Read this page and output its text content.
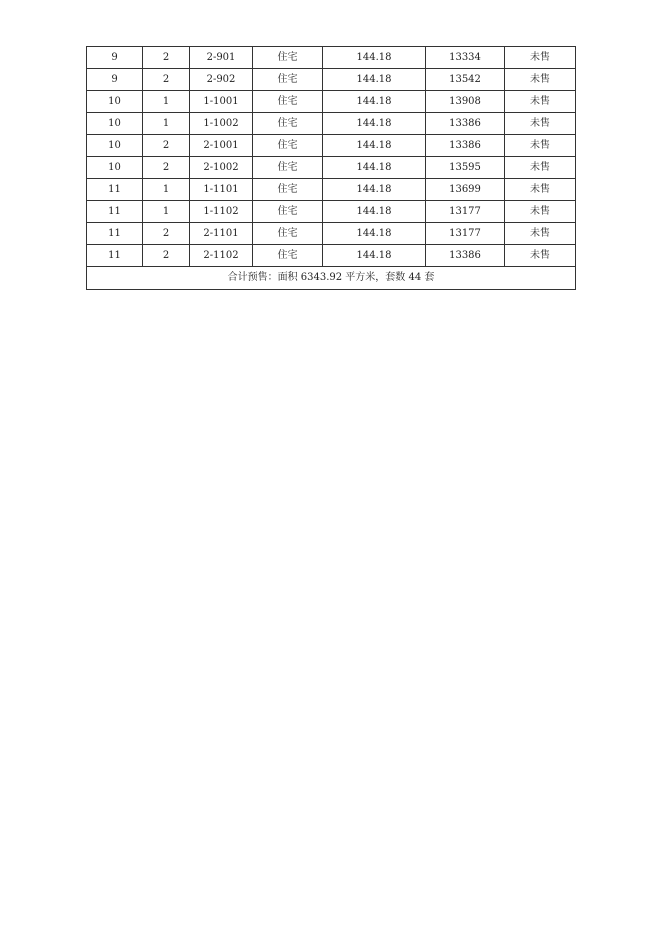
9	2	2-901	住宅	144.18	13334	未售
9	2	2-902	住宅	144.18	13542	未售
10	1	1-1001	住宅	144.18	13908	未售
10	1	1-1002	住宅	144.18	13386	未售
10	2	2-1001	住宅	144.18	13386	未售
10	2	2-1002	住宅	144.18	13595	未售
11	1	1-1101	住宅	144.18	13699	未售
11	1	1-1102	住宅	144.18	13177	未售
11	2	2-1101	住宅	144.18	13177	未售
11	2	2-1102	住宅	144.18	13386	未售
合计预售：面积 6343.92 平方米，套数 44 套						
